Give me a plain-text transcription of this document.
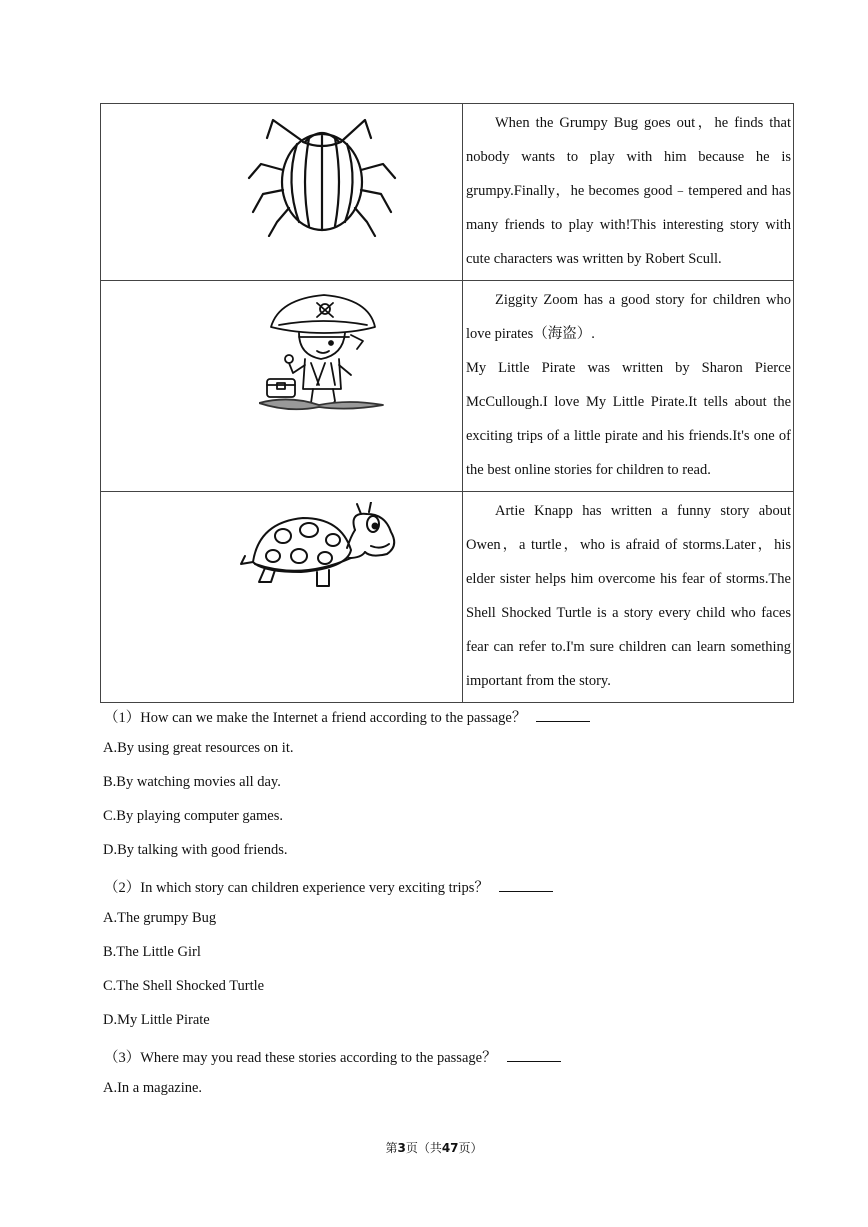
When the Grumpy Bug goes out，he finds that nobody wants to play with him because he is grumpy.Finally，he becomes good﹣tempered and has many friends to play with!This interesting story with cute characters was written by Robert Scull.

Ziggity Zoom has a good story for children who love pirates（海盗）.
My Little Pirate was written by Sharon Pierce McCullough.I love My Little Pirate.It tells about the exciting trips of a little pirate and his friends.It's one of the best online stories for children to read.

Artie Knapp has written a funny story about Owen，a turtle，who is afraid of storms.Later，his elder sister helps him overcome his fear of storms.The Shell Shocked Turtle is a story every child who faces fear can refer to.I'm sure children can learn something important from the story.

（1）How can we make the Internet a friend according to the passage？
A.By using great resources on it.
B.By watching movies all day.
C.By playing computer games.
D.By talking with good friends.
（2）In which story can children experience very exciting trips？
A.The grumpy Bug
B.The Little Girl
C.The Shell Shocked Turtle
D.My Little Pirate
（3）Where may you read these stories according to the passage？
A.In a magazine.
第3页（共47页）
